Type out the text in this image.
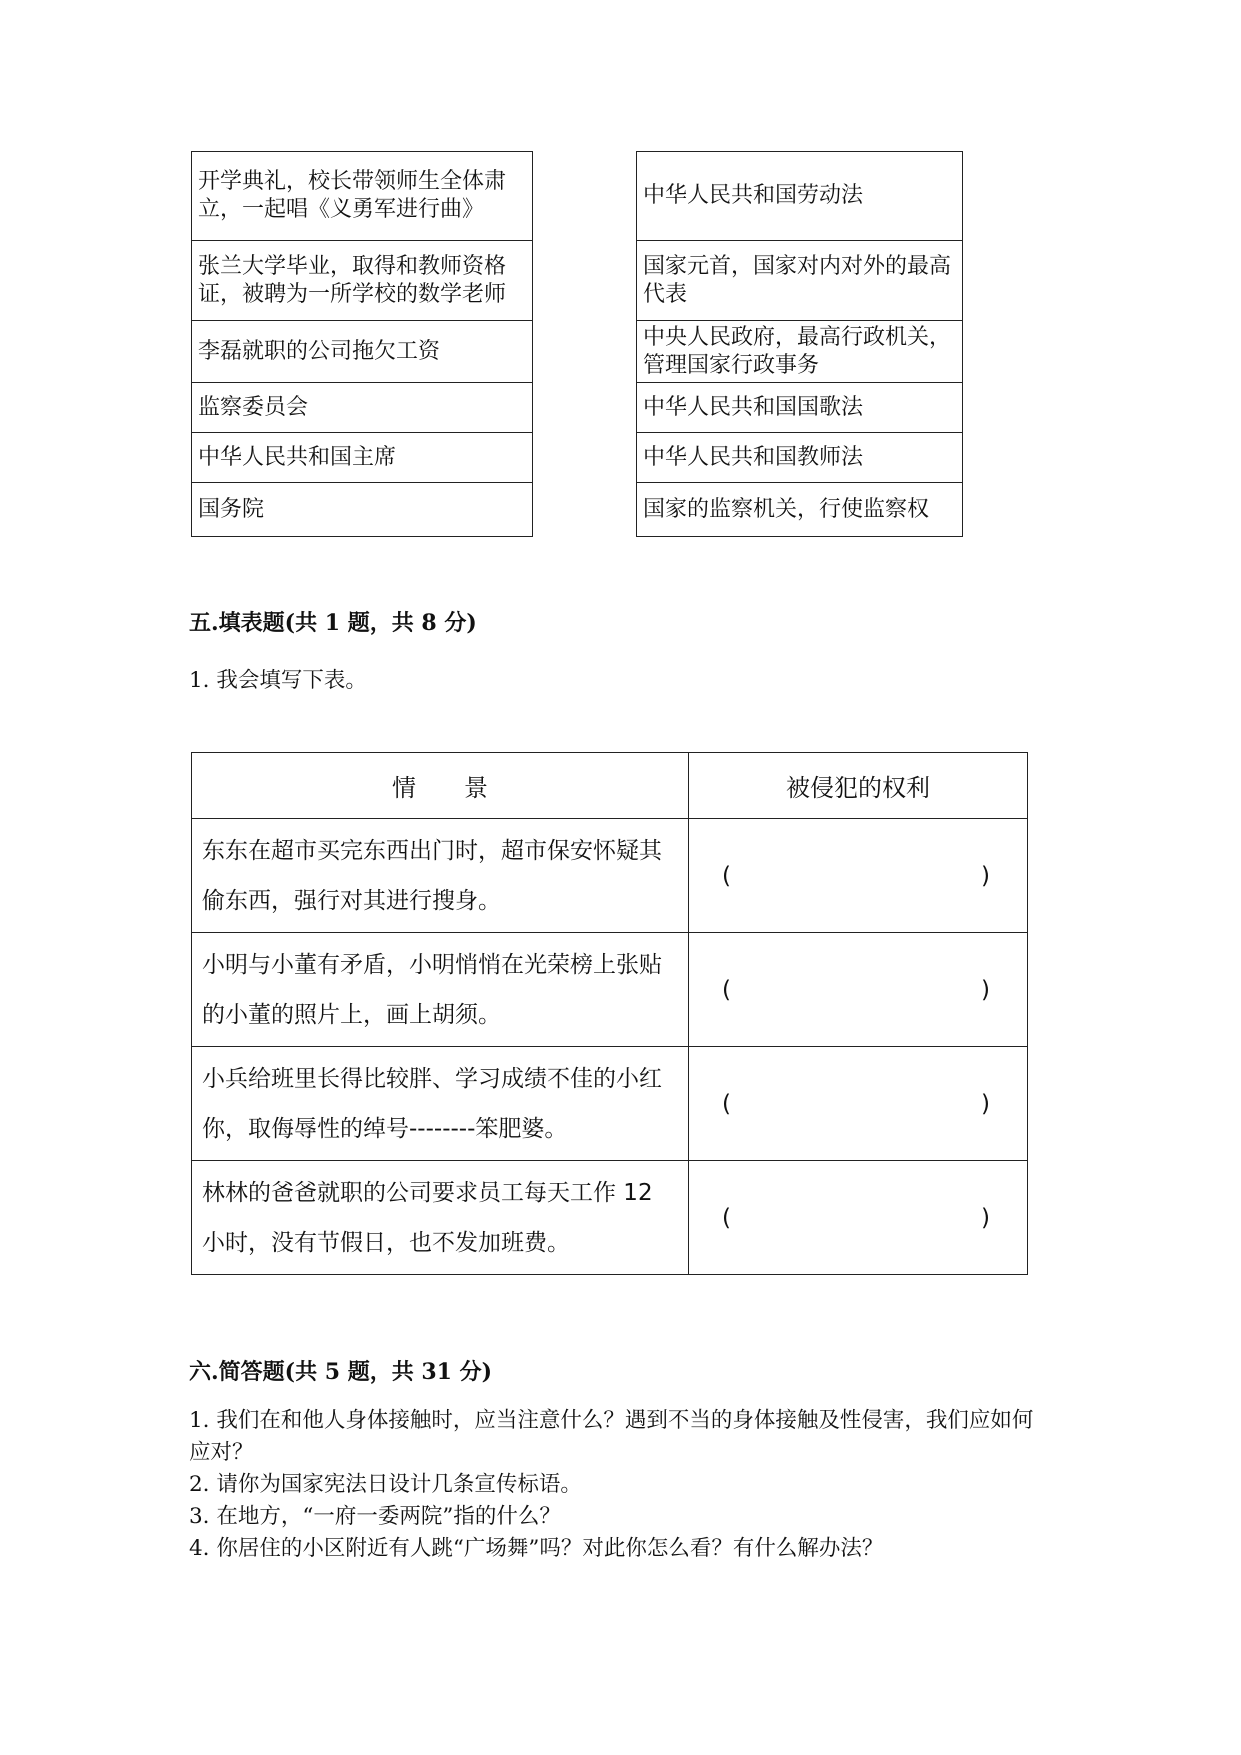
开学典礼，校长带领师生全体肃立，一起唱《义勇军进行曲》
张兰大学毕业，取得和教师资格证，被聘为一所学校的数学老师
李磊就职的公司拖欠工资
监察委员会
中华人民共和国主席
国务院
中华人民共和国劳动法
国家元首，国家对内对外的最高代表
中央人民政府，最高行政机关，管理国家行政事务
中华人民共和国国歌法
中华人民共和国教师法
国家的监察机关，行使监察权
五.填表题(共 1 题，共 8 分)
1. 我会填写下表。
情　　景	被侵犯的权利
东东在超市买完东西出门时，超市保安怀疑其偷东西，强行对其进行搜身。	( )

小明与小董有矛盾，小明悄悄在光荣榜上张贴的小董的照片上，画上胡须。	( )

小兵给班里长得比较胖、学习成绩不佳的小红你，取侮辱性的绰号--------笨肥婆。	( )

林林的爸爸就职的公司要求员工每天工作 12 小时，没有节假日，也不发加班费。	( )
六.简答题(共 5 题，共 31 分)
1. 我们在和他人身体接触时，应当注意什么？遇到不当的身体接触及性侵害，我们应如何应对？
2. 请你为国家宪法日设计几条宣传标语。
3. 在地方，“一府一委两院”指的什么？
4. 你居住的小区附近有人跳“广场舞”吗？对此你怎么看？有什么解办法？
